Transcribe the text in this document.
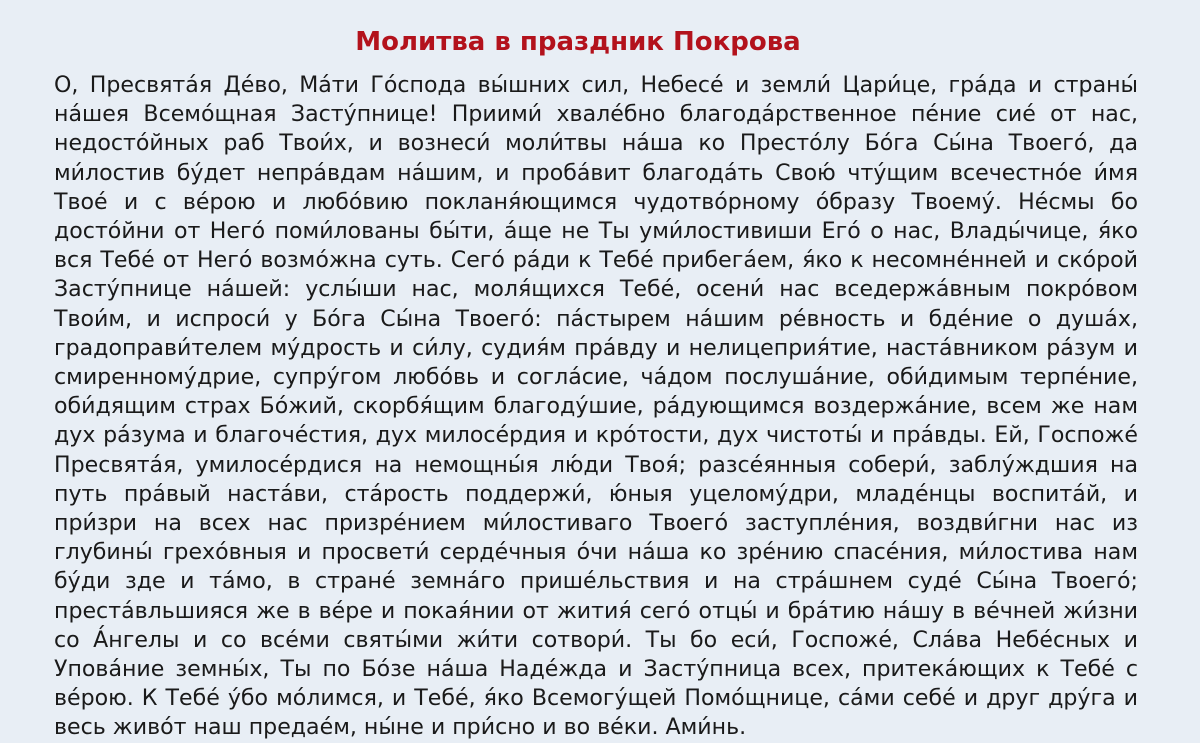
Молитва в праздник Покрова

О, Пресвята́я Де́во, Ма́ти Го́спода вы́шних сил, Небесе́ и земли́ Цари́це, гра́да и страны́ на́шея Всемо́щная Засту́пнице! Приими́ хвале́бно благода́рственное пе́ние сие́ от нас, недосто́йных раб Твои́х, и вознеси́ моли́твы на́ша ко Престо́лу Бо́га Сы́на Твоего́, да ми́лостив бу́дет непра́вдам на́шим, и проба́вит благода́ть Свою́ чту́щим всечестно́е и́мя Твое́ и с ве́рою и любо́вию покланя́ющимся чудотво́рному о́бразу Твоему́. Не́смы бо досто́йни от Него́ поми́лованы бы́ти, а́ще не Ты уми́лостивиши Его́ о нас, Влады́чице, я́ко вся Тебе́ от Него́ возмо́жна суть. Сего́ ра́ди к Тебе́ прибега́ем, я́ко к несомне́нней и ско́рой Засту́пнице на́шей: услы́ши нас, моля́щихся Тебе́, осени́ нас вседержа́вным покро́вом Твои́м, и испроси́ у Бо́га Сы́на Твоего́: па́стырем на́шим ре́вность и бде́ние о душа́х, градоправи́телем му́дрость и си́лу, судия́м пра́вду и нелицеприя́тие, наста́вником ра́зум и смиренному́дрие, супру́гом любо́вь и согла́сие, ча́дом послуша́ние, оби́димым терпе́ние, оби́дящим страх Бо́жий, скорбя́щим благоду́шие, ра́дующимся воздержа́ние, всем же нам дух ра́зума и благоче́стия, дух милосе́рдия и кро́тости, дух чистоты́ и пра́вды. Ей, Госпоже́ Пресвята́я, умилосе́рдися на немощны́я лю́ди Твоя́; разсе́янныя собери́, заблу́ждшия на путь пра́вый наста́ви, ста́рость поддержи́, ю́ныя уцелому́дри, младе́нцы воспита́й, и при́зри на всех нас призре́нием ми́лостиваго Твоего́ заступле́ния, воздви́гни нас из глубины́ грехо́вныя и просвети́ серде́чныя о́чи на́ша ко зре́нию спасе́ния, ми́лостива нам бу́ди зде и та́мо, в стране́ земна́го прише́льствия и на стра́шнем суде́ Сы́на Твоего́; преста́вльшияся же в ве́ре и покая́нии от жития́ сего́ отцы́ и бра́тию на́шу в ве́чней жи́зни со А́нгелы и со все́ми святы́ми жи́ти сотвори́. Ты бо еси́, Госпоже́, Сла́ва Небе́сных и Упова́ние земны́х, Ты по Бо́зе на́ша Наде́жда и Засту́пница всех, притека́ющих к Тебе́ с ве́рою. К Тебе́ у́бо мо́лимся, и Тебе́, я́ко Всемогу́щей Помо́щнице, са́ми себе́ и друг дру́га и весь живо́т наш предае́м, ны́не и при́сно и во ве́ки. Ами́нь.
